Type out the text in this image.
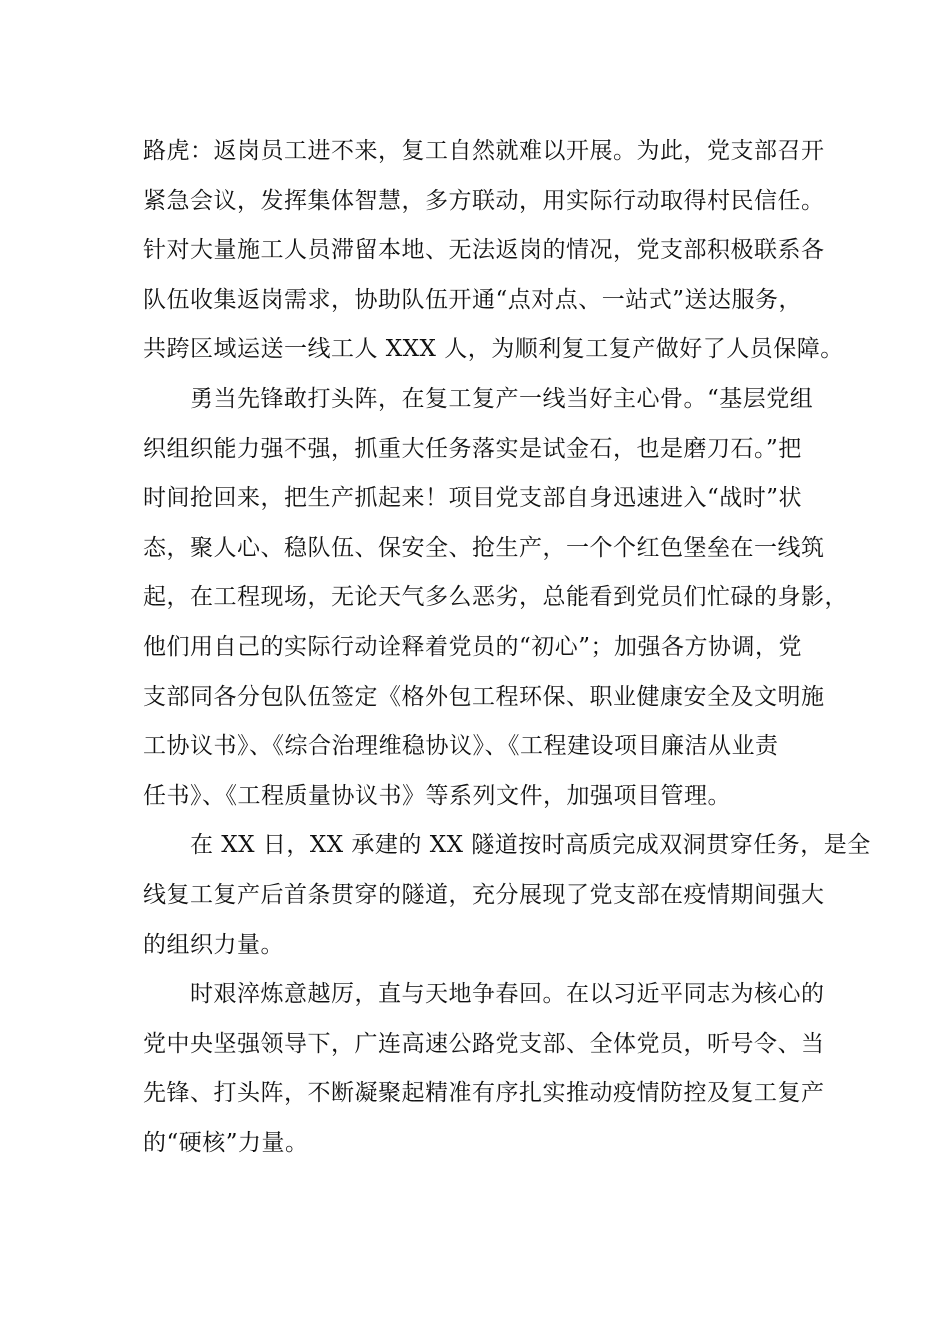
路虎：返岗员工进不来，复工自然就难以开展。为此，党支部召开
紧急会议，发挥集体智慧，多方联动，用实际行动取得村民信任。
针对大量施工人员滞留本地、无法返岗的情况，党支部积极联系各
队伍收集返岗需求，协助队伍开通“点对点、一站式”送达服务，
共跨区域运送一线工人 XXX 人，为顺利复工复产做好了人员保障。
勇当先锋敢打头阵，在复工复产一线当好主心骨。“基层党组
织组织能力强不强，抓重大任务落实是试金石，也是磨刀石。”把
时间抢回来，把生产抓起来！项目党支部自身迅速进入“战时”状
态，聚人心、稳队伍、保安全、抢生产，一个个红色堡垒在一线筑
起，在工程现场，无论天气多么恶劣，总能看到党员们忙碌的身影，
他们用自己的实际行动诠释着党员的“初心”；加强各方协调，党
支部同各分包队伍签定《格外包工程环保、职业健康安全及文明施
工协议书》、《综合治理维稳协议》、《工程建设项目廉洁从业责
任书》、《工程质量协议书》等系列文件，加强项目管理。
在 XX 日，XX 承建的 XX 隧道按时高质完成双洞贯穿任务，是全
线复工复产后首条贯穿的隧道，充分展现了党支部在疫情期间强大
的组织力量。
时艰淬炼意越厉，直与天地争春回。在以习近平同志为核心的
党中央坚强领导下，广连高速公路党支部、全体党员，听号令、当
先锋、打头阵，不断凝聚起精准有序扎实推动疫情防控及复工复产
的“硬核”力量。
